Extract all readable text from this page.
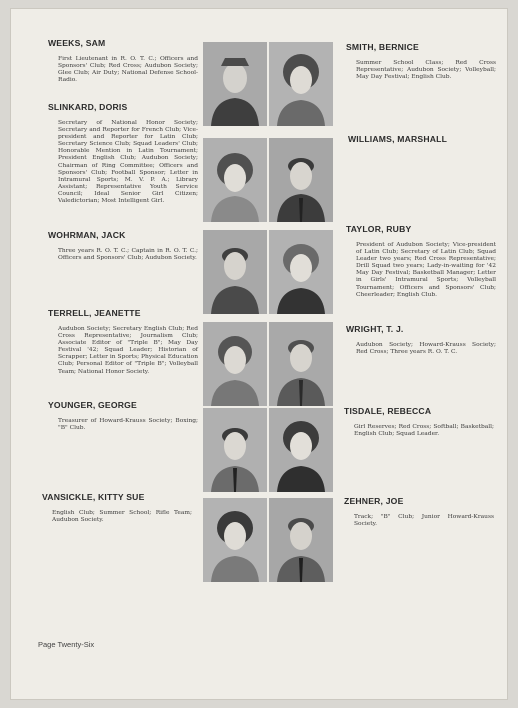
WEEKS, SAM

First Lieutenant in R. O. T. C.; Officers and Sponsors' Club; Red Cross; Audubon Society; Glee Club; Air Duty; National Defense School-Radio.

SLINKARD, DORIS

Secretary of National Honor Society; Secretary and Reporter for French Club; Vice-president and Reporter for Latin Club; Secretary Science Club; Squad Leaders' Club; Honorable Mention in Latin Tournament; President English Club; Audubon Society; Chairman of Ring Committee; Officers and Sponsors' Club; Football Sponsor; Letter in Intramural Sports; M. V. P. A.; Library Assistant; Representative Youth Service Council; Ideal Senior Girl Citizen; Valedictorian; Most Intelligent Girl.

WOHRMAN, JACK

Three years R. O. T. C.; Captain in R. O. T. C.; Officers and Sponsors' Club; Audubon Society.

TERRELL, JEANETTE

Audubon Society; Secretary English Club; Red Cross Representative; Journalism Club; Associate Editor of "Triple B"; May Day Festival '42; Squad Leader; Historian of Scrapper; Letter in Sports; Physical Education Club; Personal Editor of "Triple B"; Volleyball Team; National Honor Society.

YOUNGER, GEORGE

Treasurer of Howard-Krauss Society; Boxing; "B" Club.

VANSICKLE, KITTY SUE

English Club; Summer School; Rifle Team; Audubon Society.

SMITH, BERNICE

Summer School Class; Red Cross Representative; Audubon Society; Volleyball; May Day Festival; English Club.

WILLIAMS, MARSHALL

TAYLOR, RUBY

President of Audubon Society; Vice-president of Latin Club; Secretary of Latin Club; Squad Leader two years; Red Cross Representative; Drill Squad two years; Lady-in-waiting for '42 May Day Festival; Basketball Manager; Letter in Girls' Intramural Sports; Volleyball Tournament; Officers and Sponsors' Club; Cheerleader; English Club.

WRIGHT, T. J.

Audubon Society; Howard-Krauss Society; Red Cross; Three years R. O. T. C.

TISDALE, REBECCA

Girl Reserves; Red Cross; Softball; Basketball; English Club; Squad Leader.

ZEHNER, JOE

Track; "B" Club; Junior Howard-Krauss Society.

Page Twenty-Six
